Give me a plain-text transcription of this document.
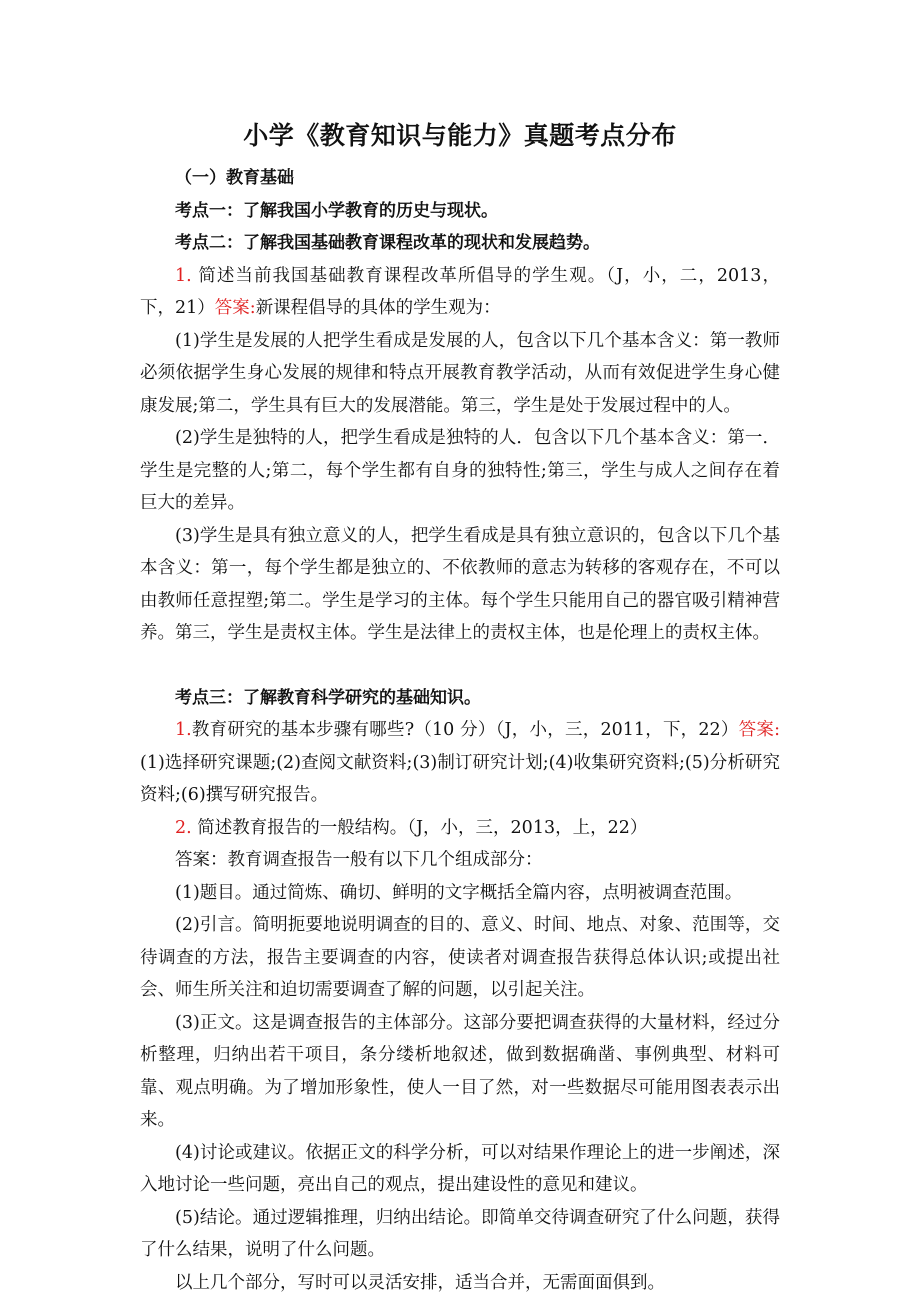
小学《教育知识与能力》真题考点分布

（一）教育基础

考点一：了解我国小学教育的历史与现状。

考点二：了解我国基础教育课程改革的现状和发展趋势。

1. 简述当前我国基础教育课程改革所倡导的学生观。（J，小，二，2013，下，21）答案:新课程倡导的具体的学生观为：

(1)学生是发展的人把学生看成是发展的人，包含以下几个基本含义：第一教师必须依据学生身心发展的规律和特点开展教育教学活动，从而有效促进学生身心健康发展;第二，学生具有巨大的发展潜能。第三，学生是处于发展过程中的人。

(2)学生是独特的人，把学生看成是独特的人．包含以下几个基本含义：第一．学生是完整的人;第二，每个学生都有自身的独特性;第三，学生与成人之间存在着巨大的差异。

(3)学生是具有独立意义的人，把学生看成是具有独立意识的，包含以下几个基本含义：第一，每个学生都是独立的、不依教师的意志为转移的客观存在，不可以由教师任意捏塑;第二。学生是学习的主体。每个学生只能用自己的器官吸引精神营养。第三，学生是责权主体。学生是法律上的责权主体，也是伦理上的责权主体。

考点三：了解教育科学研究的基础知识。

1.教育研究的基本步骤有哪些?（10 分）（J，小，三，2011，下，22）答案:(1)选择研究课题;(2)查阅文献资料;(3)制订研究计划;(4)收集研究资料;(5)分析研究资料;(6)撰写研究报告。

2. 简述教育报告的一般结构。（J，小，三，2013，上，22）

答案：教育调查报告一般有以下几个组成部分：

(1)题目。通过简炼、确切、鲜明的文字概括全篇内容，点明被调查范围。

(2)引言。简明扼要地说明调查的目的、意义、时间、地点、对象、范围等，交待调查的方法，报告主要调查的内容，使读者对调查报告获得总体认识;或提出社会、师生所关注和迫切需要调查了解的问题，以引起关注。

(3)正文。这是调查报告的主体部分。这部分要把调查获得的大量材料，经过分析整理，归纳出若干项目，条分缕析地叙述，做到数据确凿、事例典型、材料可靠、观点明确。为了增加形象性，使人一目了然，对一些数据尽可能用图表表示出来。

(4)讨论或建议。依据正文的科学分析，可以对结果作理论上的进一步阐述，深入地讨论一些问题，亮出自己的观点，提出建设性的意见和建议。

(5)结论。通过逻辑推理，归纳出结论。即简单交待调查研究了什么问题，获得了什么结果，说明了什么问题。

以上几个部分，写时可以灵活安排，适当合并，无需面面俱到。
